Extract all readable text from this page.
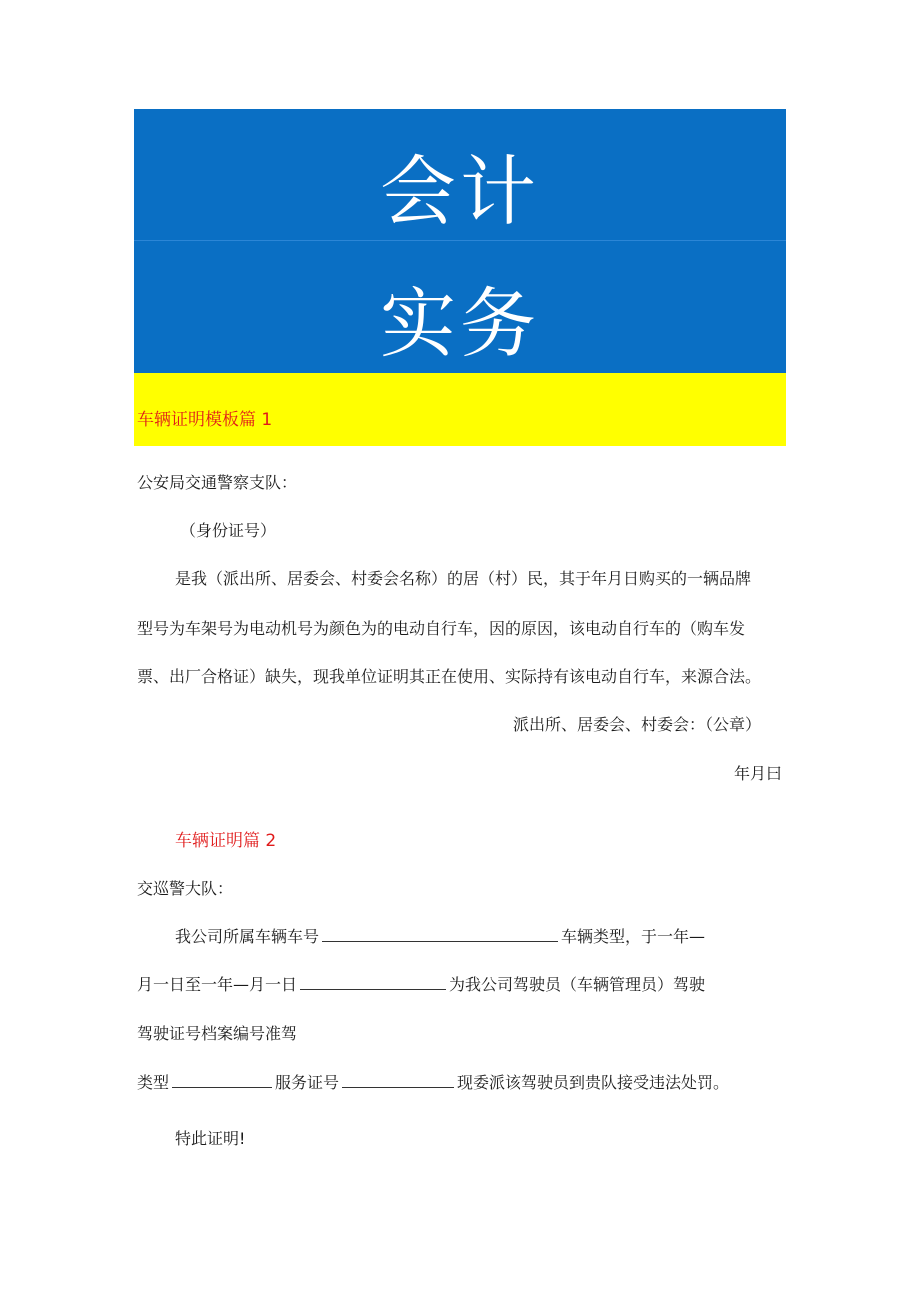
会计
实务
车辆证明模板篇 1
公安局交通警察支队：
（身份证号）
是我（派出所、居委会、村委会名称）的居（村）民，其于年月日购买的一辆品牌
型号为车架号为电动机号为颜色为的电动自行车，因的原因，该电动自行车的（购车发
票、出厂合格证）缺失，现我单位证明其正在使用、实际持有该电动自行车，来源合法。
派出所、居委会、村委会：（公章）
年月曰
车辆证明篇 2
交巡警大队：
我公司所属车辆车号	车辆类型，于一年—
月一日至一年—月一日	为我公司驾驶员（车辆管理员）驾驶
驾驶证号档案编号准驾
类型	服务证号	现委派该驾驶员到贵队接受违法处罚。
特此证明!
